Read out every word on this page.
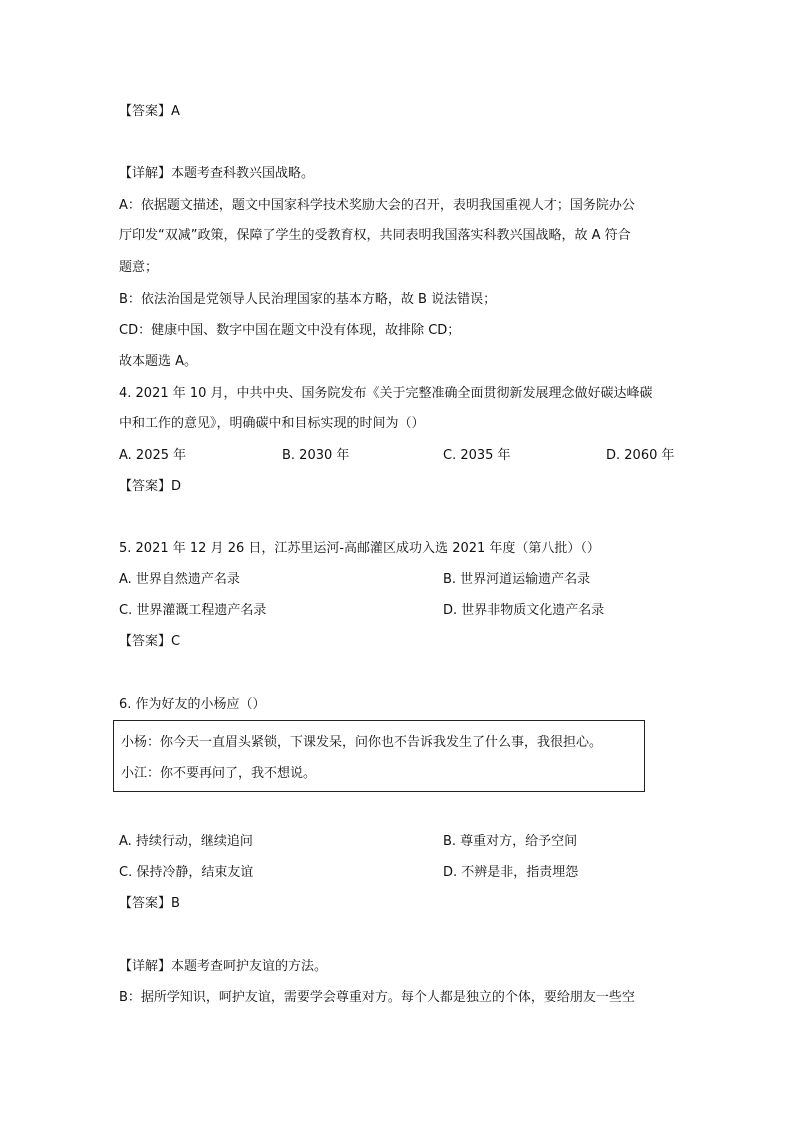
【答案】A
【详解】本题考查科教兴国战略。
A：依据题文描述，题文中国家科学技术奖励大会的召开，表明我国重视人才；国务院办公
厅印发“双减”政策，保障了学生的受教育权，共同表明我国落实科教兴国战略，故 A 符合
题意；
B：依法治国是党领导人民治理国家的基本方略，故 B 说法错误；
CD：健康中国、数字中国在题文中没有体现，故排除 CD；
故本题选 A。
4. 2021 年 10 月，中共中央、国务院发布《关于完整准确全面贯彻新发展理念做好碳达峰碳
中和工作的意见》，明确碳中和目标实现的时间为（）
A. 2025 年	B. 2030 年	C. 2035 年	D. 2060 年
【答案】D
5. 2021 年 12 月 26 日，江苏里运河-高邮灌区成功入选 2021 年度（第八批）（）
A. 世界自然遗产名录	B. 世界河道运输遗产名录
C. 世界灌溉工程遗产名录	D. 世界非物质文化遗产名录
【答案】C
6. 作为好友的小杨应（）
小杨：你今天一直眉头紧锁，下课发呆，问你也不告诉我发生了什么事，我很担心。
小江：你不要再问了，我不想说。
A. 持续行动，继续追问	B. 尊重对方，给予空间
C. 保持冷静，结束友谊	D. 不辨是非，指责埋怨
【答案】B
【详解】本题考查呵护友谊的方法。
B：据所学知识，呵护友谊，需要学会尊重对方。每个人都是独立的个体，要给朋友一些空
